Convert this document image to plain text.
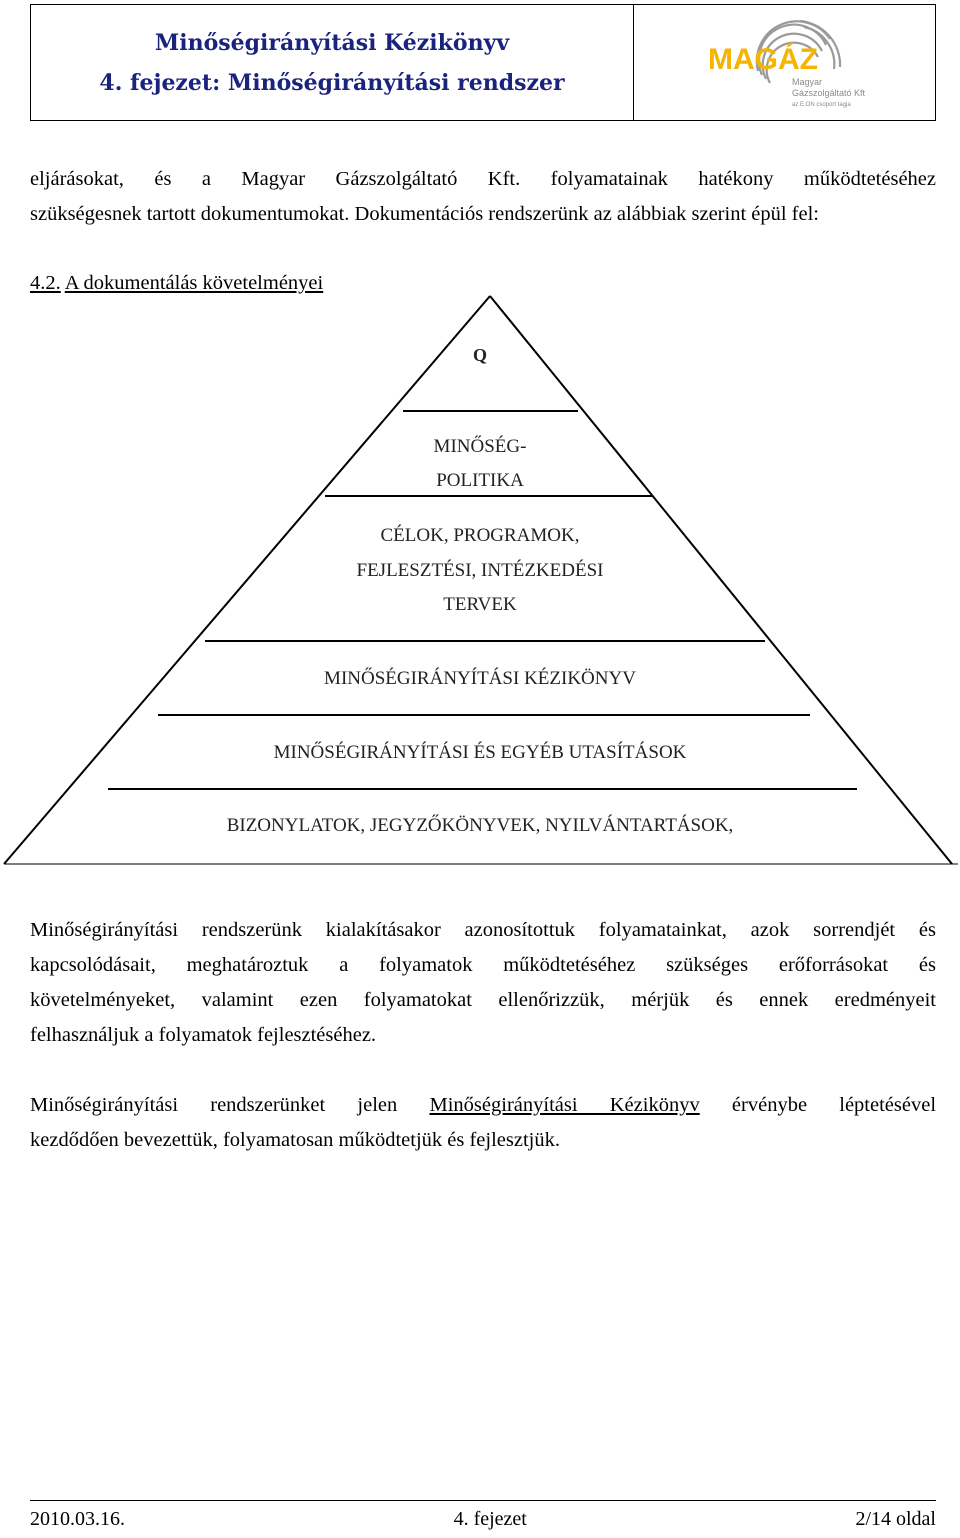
Minőségirányítási Kézikönyv
4. fejezet: Minőségirányítási rendszer
MAGÁZ
Magyar
Gázszolgáltató Kft
az E.ON csoport tagja
eljárásokat, és a Magyar Gázszolgáltató Kft. folyamatainak hatékony működtetéséhez
szükségesnek tartott dokumentumokat. Dokumentációs rendszerünk az alábbiak szerint épül fel:
4.2. A dokumentálás követelményei
Q
MINŐSÉG-
POLITIKA
CÉLOK, PROGRAMOK,
FEJLESZTÉSI, INTÉZKEDÉSI
TERVEK
MINŐSÉGIRÁNYÍTÁSI KÉZIKÖNYV
MINŐSÉGIRÁNYÍTÁSI ÉS EGYÉB UTASÍTÁSOK
BIZONYLATOK, JEGYZŐKÖNYVEK, NYILVÁNTARTÁSOK,
Minőségirányítási rendszerünk kialakításakor azonosítottuk folyamatainkat, azok sorrendjét és
kapcsolódásait, meghatároztuk a folyamatok működtetéséhez szükséges erőforrásokat és
követelményeket, valamint ezen folyamatokat ellenőrizzük, mérjük és ennek eredményeit
felhasználjuk a folyamatok fejlesztéséhez.
Minőségirányítási rendszerünket jelen Minőségirányítási Kézikönyv érvénybe léptetésével
kezdődően bevezettük, folyamatosan működtetjük és fejlesztjük.
2010.03.16.	4. fejezet	2/14 oldal
